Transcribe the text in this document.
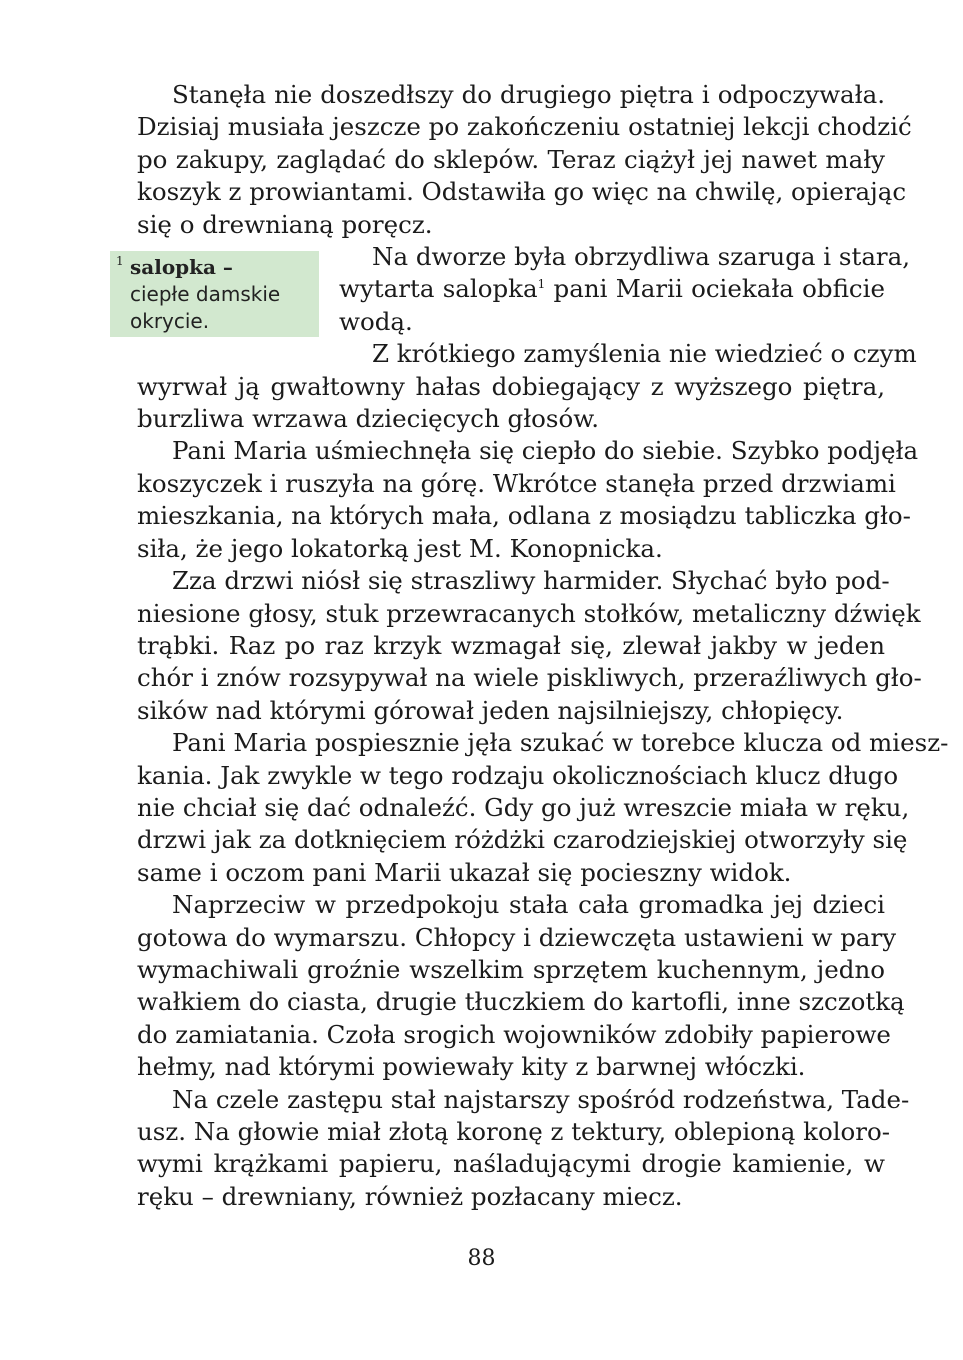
Stanęła nie doszedłszy do drugiego piętra i odpoczywała.
Dzisiaj musiała jeszcze po zakończeniu ostatniej lekcji chodzić
po zakupy, zaglądać do sklepów. Teraz ciążył jej nawet mały
koszyk z prowiantami. Odstawiła go więc na chwilę, opierając
się o drewnianą poręcz.
Na dworze była obrzydliwa szaruga i stara,
wytarta salopka$^1$ pani Marii ociekała obficie
wodą.
Z krótkiego zamyślenia nie wiedzieć o czym
wyrwał ją gwałtowny hałas dobiegający z wyższego piętra,
burzliwa wrzawa dziecięcych głosów.
Pani Maria uśmiechnęła się ciepło do siebie. Szybko podjęła
koszyczek i ruszyła na górę. Wkrótce stanęła przed drzwiami
mieszkania, na których mała, odlana z mosiądzu tabliczka gło-
siła, że jego lokatorką jest M. Konopnicka.
Zza drzwi niósł się straszliwy harmider. Słychać było pod-
niesione głosy, stuk przewracanych stołków, metaliczny dźwięk
trąbki. Raz po raz krzyk wzmagał się, zlewał jakby w jeden
chór i znów rozsypywał na wiele piskliwych, przeraźliwych gło-
sików nad którymi górował jeden najsilniejszy, chłopięcy.
Pani Maria pospiesznie jęła szukać w torebce klucza od miesz-
kania. Jak zwykle w tego rodzaju okolicznościach klucz długo
nie chciał się dać odnaleźć. Gdy go już wreszcie miała w ręku,
drzwi jak za dotknięciem różdżki czarodziejskiej otworzyły się
same i oczom pani Marii ukazał się pocieszny widok.
Naprzeciw w przedpokoju stała cała gromadka jej dzieci
gotowa do wymarszu. Chłopcy i dziewczęta ustawieni w pary
wymachiwali groźnie wszelkim sprzętem kuchennym, jedno
wałkiem do ciasta, drugie tłuczkiem do kartofli, inne szczotką
do zamiatania. Czoła srogich wojowników zdobiły papierowe
hełmy, nad którymi powiewały kity z barwnej włóczki.
Na czele zastępu stał najstarszy spośród rodzeństwa, Tade-
usz. Na głowie miał złotą koronę z tektury, oblepioną koloro-
wymi krążkami papieru, naśladującymi drogie kamienie, w
ręku – drewniany, również pozłacany miecz.
1 salopka –
ciepłe damskie
okrycie.
88
